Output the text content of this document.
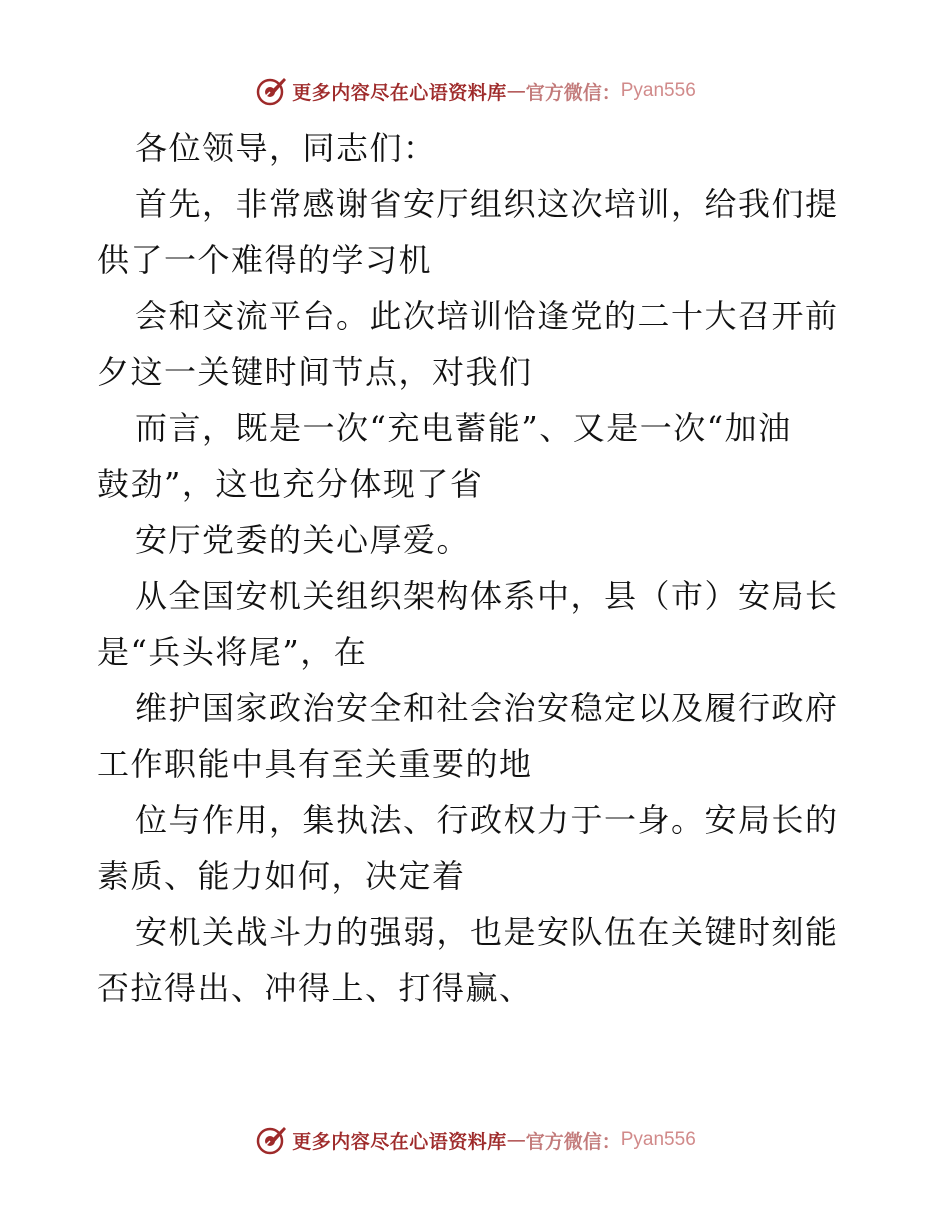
更多内容尽在心语资料库 — 官方微信： Pyan556
各位领导，同志们：
首先，非常感谢省安厅组织这次培训，给我们提
供了一个难得的学习机
会和交流平台。此次培训恰逢党的二十大召开前
夕这一关键时间节点，对我们
而言，既是一次“充电蓄能”、又是一次“加油
鼓劲”，这也充分体现了省
安厅党委的关心厚爱。
从全国安机关组织架构体系中，县（市）安局长
是“兵头将尾”，在
维护国家政治安全和社会治安稳定以及履行政府
工作职能中具有至关重要的地
位与作用，集执法、行政权力于一身。安局长的
素质、能力如何，决定着
安机关战斗力的强弱，也是安队伍在关键时刻能
否拉得出、冲得上、打得赢、
更多内容尽在心语资料库 — 官方微信： Pyan556
